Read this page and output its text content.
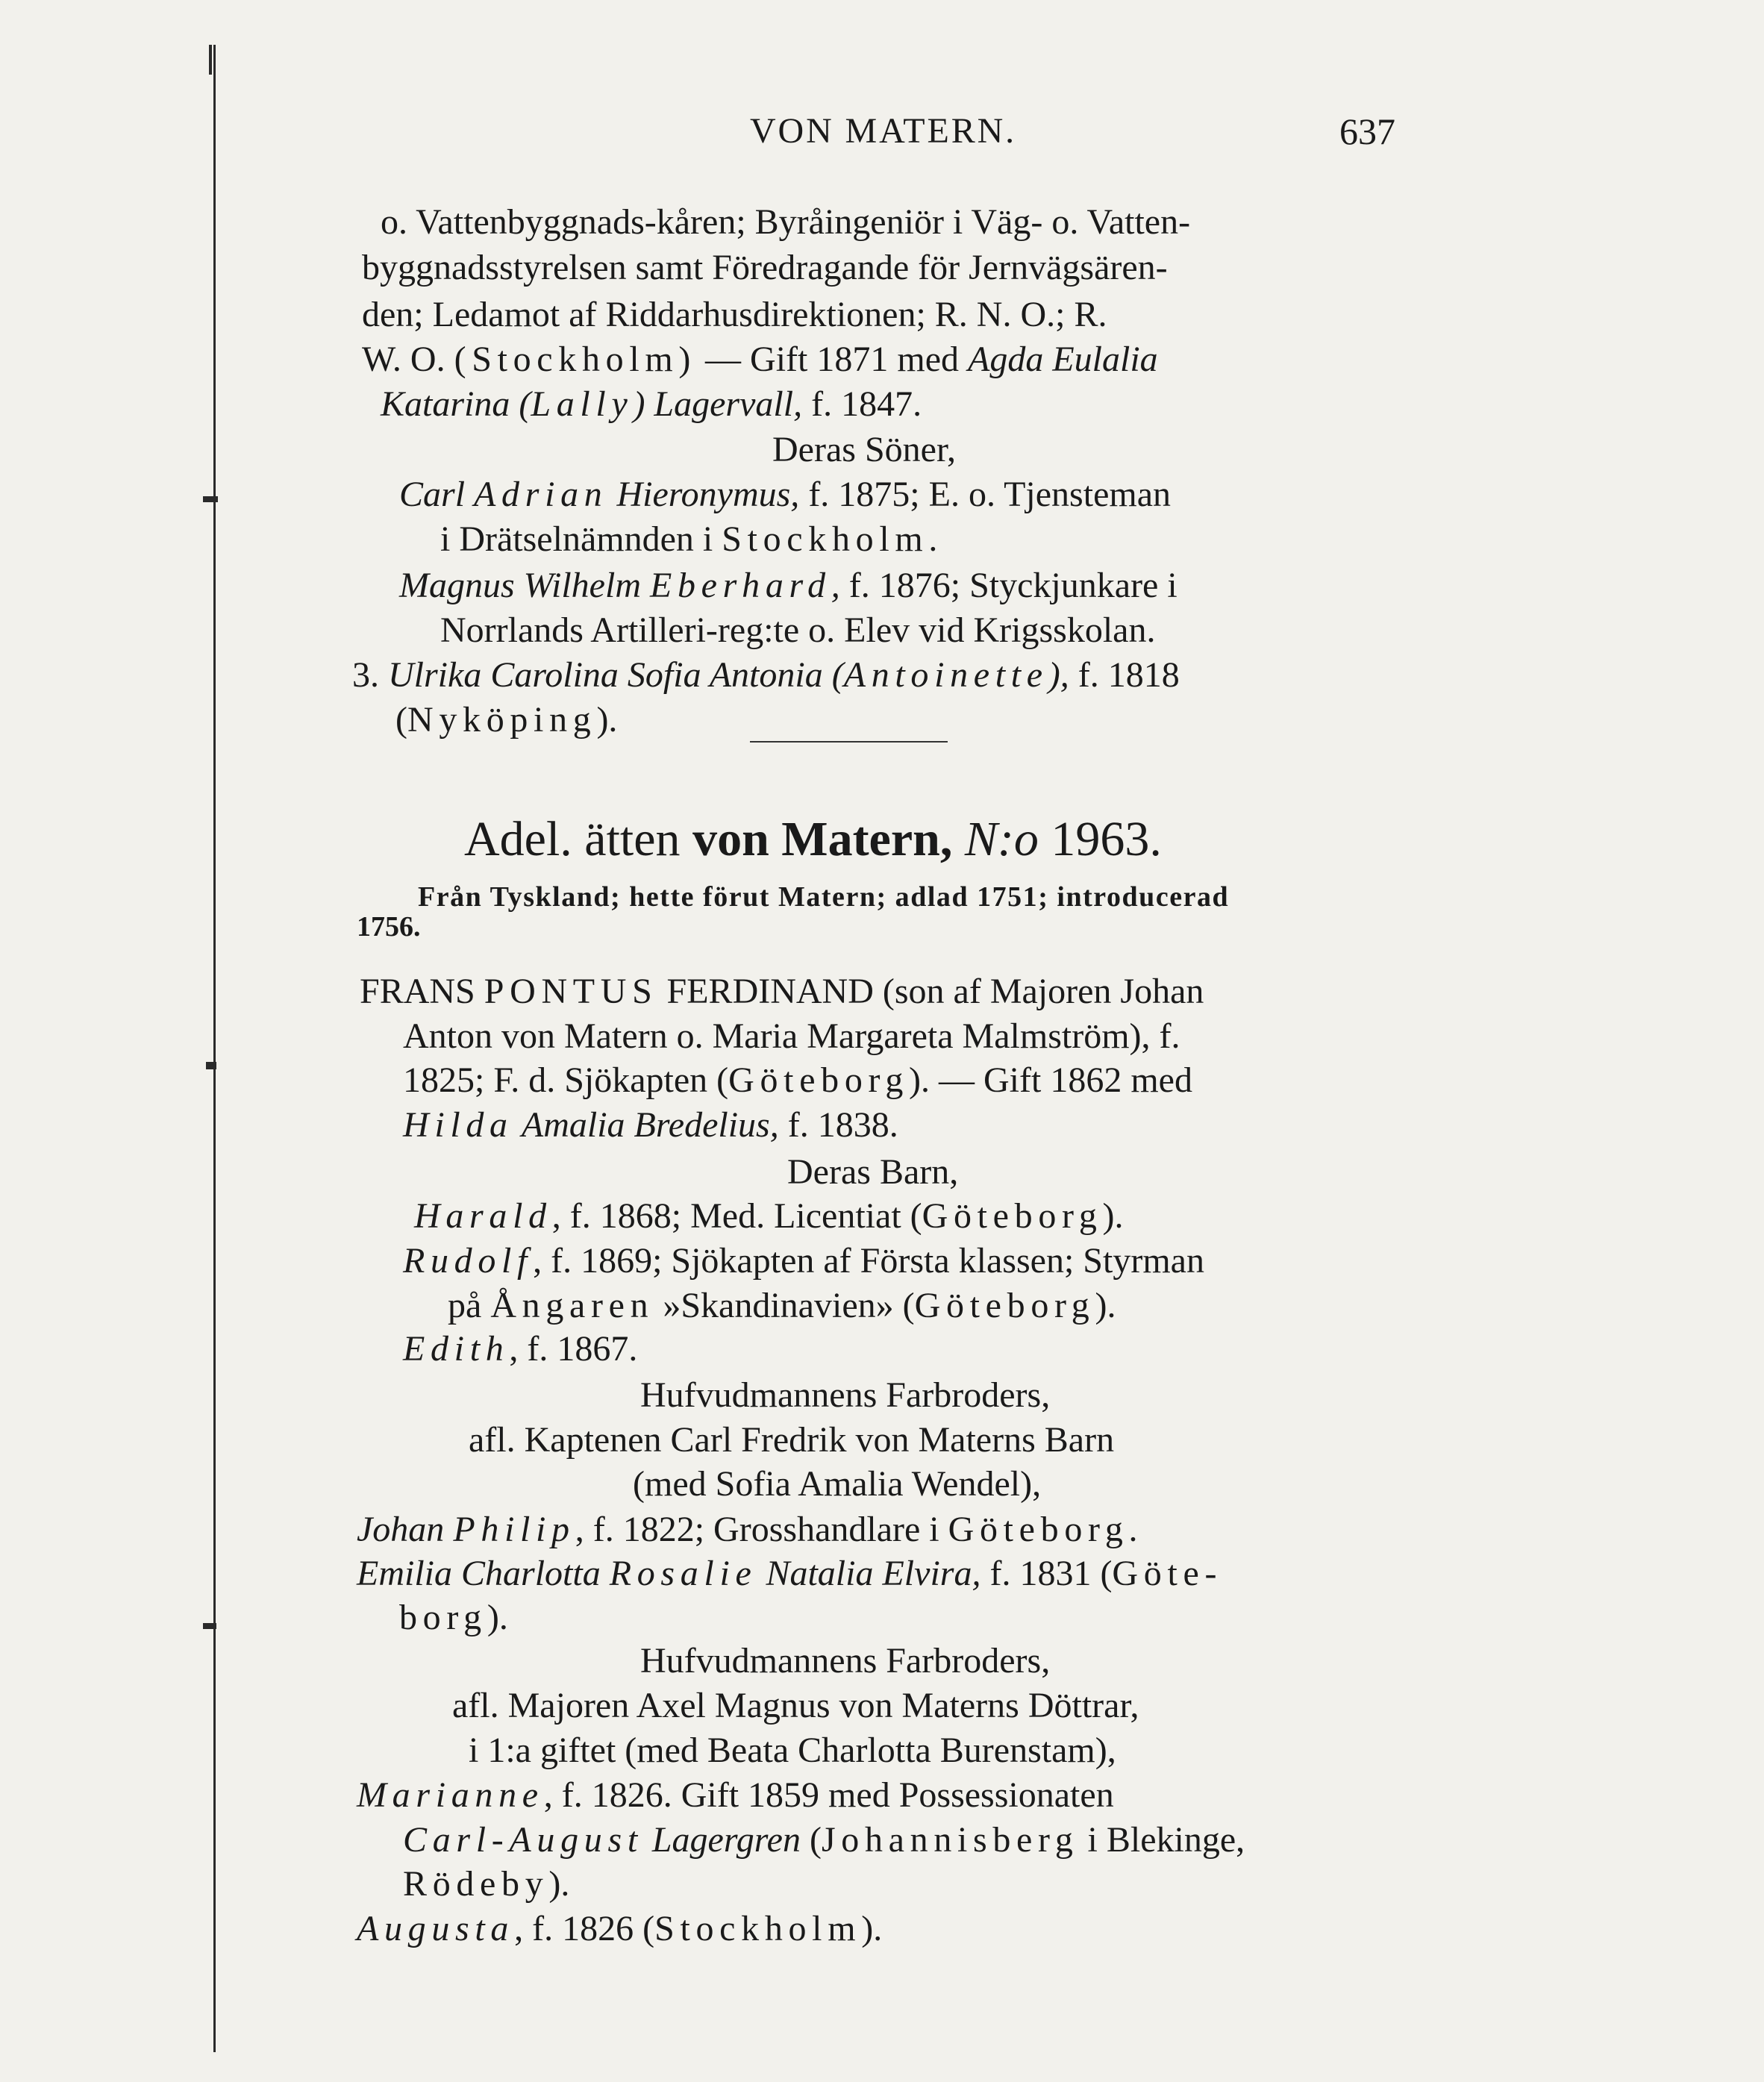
VON MATERN.	637
o. Vattenbyggnads-kåren; Byråingeniör i Väg- o. Vatten-
byggnadsstyrelsen samt Föredragande för Jernvägsären-
den; Ledamot af Riddarhusdirektionen; R. N. O.; R.
W. O. (Stockholm) — Gift 1871 med Agda Eulalia
Katarina (Lally) Lagervall, f. 1847.
Deras Söner,
Carl Adrian Hieronymus, f. 1875; E. o. Tjensteman
i Drätselnämnden i Stockholm.
Magnus Wilhelm Eberhard, f. 1876; Styckjunkare i
Norrlands Artilleri-reg:te o. Elev vid Krigsskolan.
3. Ulrika Carolina Sofia Antonia (Antoinette), f. 1818
(Nyköping).
Adel. ätten von Matern, N:o 1963.
Från Tyskland; hette förut Matern; adlad 1751; introducerad
1756.
FRANS PONTUS FERDINAND (son af Majoren Johan
Anton von Matern o. Maria Margareta Malmström), f.
1825; F. d. Sjökapten (Göteborg). — Gift 1862 med
Hilda Amalia Bredelius, f. 1838.
Deras Barn,
Harald, f. 1868; Med. Licentiat (Göteborg).
Rudolf, f. 1869; Sjökapten af Första klassen; Styrman
på Ångaren »Skandinavien» (Göteborg).
Edith, f. 1867.
Hufvudmannens Farbroders,
afl. Kaptenen Carl Fredrik von Materns Barn
(med Sofia Amalia Wendel),
Johan Philip, f. 1822; Grosshandlare i Göteborg.
Emilia Charlotta Rosalie Natalia Elvira, f. 1831 (Göte-
borg).
Hufvudmannens Farbroders,
afl. Majoren Axel Magnus von Materns Döttrar,
i 1:a giftet (med Beata Charlotta Burenstam),
Marianne, f. 1826. Gift 1859 med Possessionaten
Carl-August Lagergren (Johannisberg i Blekinge,
Rödeby).
Augusta, f. 1826 (Stockholm).
